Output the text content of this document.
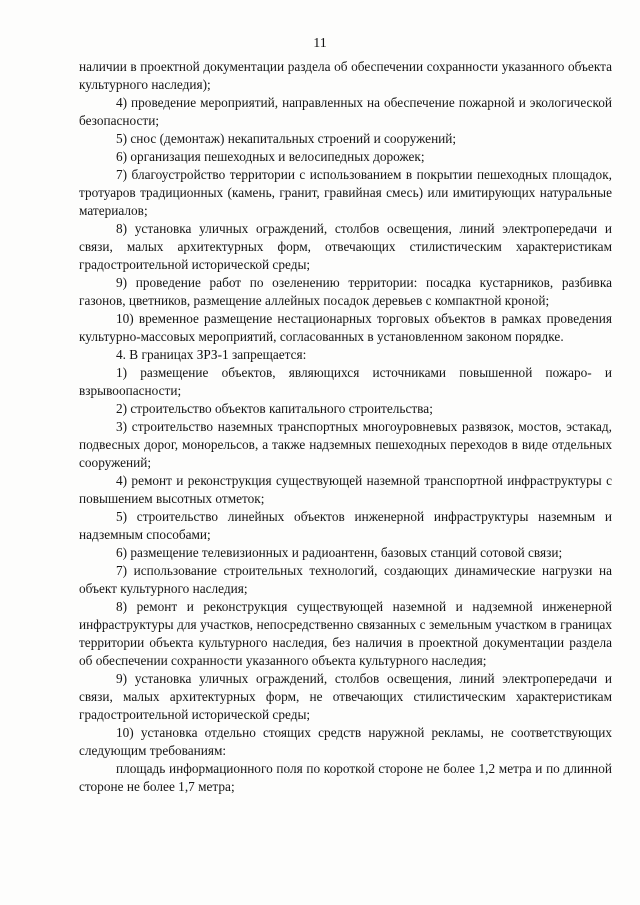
11

наличии в проектной документации раздела об обеспечении сохранности указанного объекта культурного наследия);

4) проведение мероприятий, направленных на обеспечение пожарной и экологической безопасности;

5) снос (демонтаж) некапитальных строений и сооружений;

6) организация пешеходных и велосипедных дорожек;

7) благоустройство территории с использованием в покрытии пешеходных площадок, тротуаров традиционных (камень, гранит, гравийная смесь) или имитирующих натуральные материалов;

8) установка уличных ограждений, столбов освещения, линий электропередачи и связи, малых архитектурных форм, отвечающих стилистическим характеристикам градостроительной исторической среды;

9) проведение работ по озеленению территории: посадка кустарников, разбивка газонов, цветников, размещение аллейных посадок деревьев с компактной кроной;

10) временное размещение нестационарных торговых объектов в рамках проведения культурно-массовых мероприятий, согласованных в установленном законом порядке.

4. В границах ЗРЗ-1 запрещается:

1) размещение объектов, являющихся источниками повышенной пожаро- и взрывоопасности;

2) строительство объектов капитального строительства;

3) строительство наземных транспортных многоуровневых развязок, мостов, эстакад, подвесных дорог, монорельсов, а также надземных пешеходных переходов в виде отдельных сооружений;

4) ремонт и реконструкция существующей наземной транспортной инфраструктуры с повышением высотных отметок;

5) строительство линейных объектов инженерной инфраструктуры наземным и надземным способами;

6) размещение телевизионных и радиоантенн, базовых станций сотовой связи;

7) использование строительных технологий, создающих динамические нагрузки на объект культурного наследия;

8) ремонт и реконструкция существующей наземной и надземной инженерной инфраструктуры для участков, непосредственно связанных с земельным участком в границах территории объекта культурного наследия, без наличия в проектной документации раздела об обеспечении сохранности указанного объекта культурного наследия;

9) установка уличных ограждений, столбов освещения, линий электропередачи и связи, малых архитектурных форм, не отвечающих стилистическим характеристикам градостроительной исторической среды;

10) установка отдельно стоящих средств наружной рекламы, не соответствующих следующим требованиям:

площадь информационного поля по короткой стороне не более 1,2 метра и по длинной стороне не более 1,7 метра;
